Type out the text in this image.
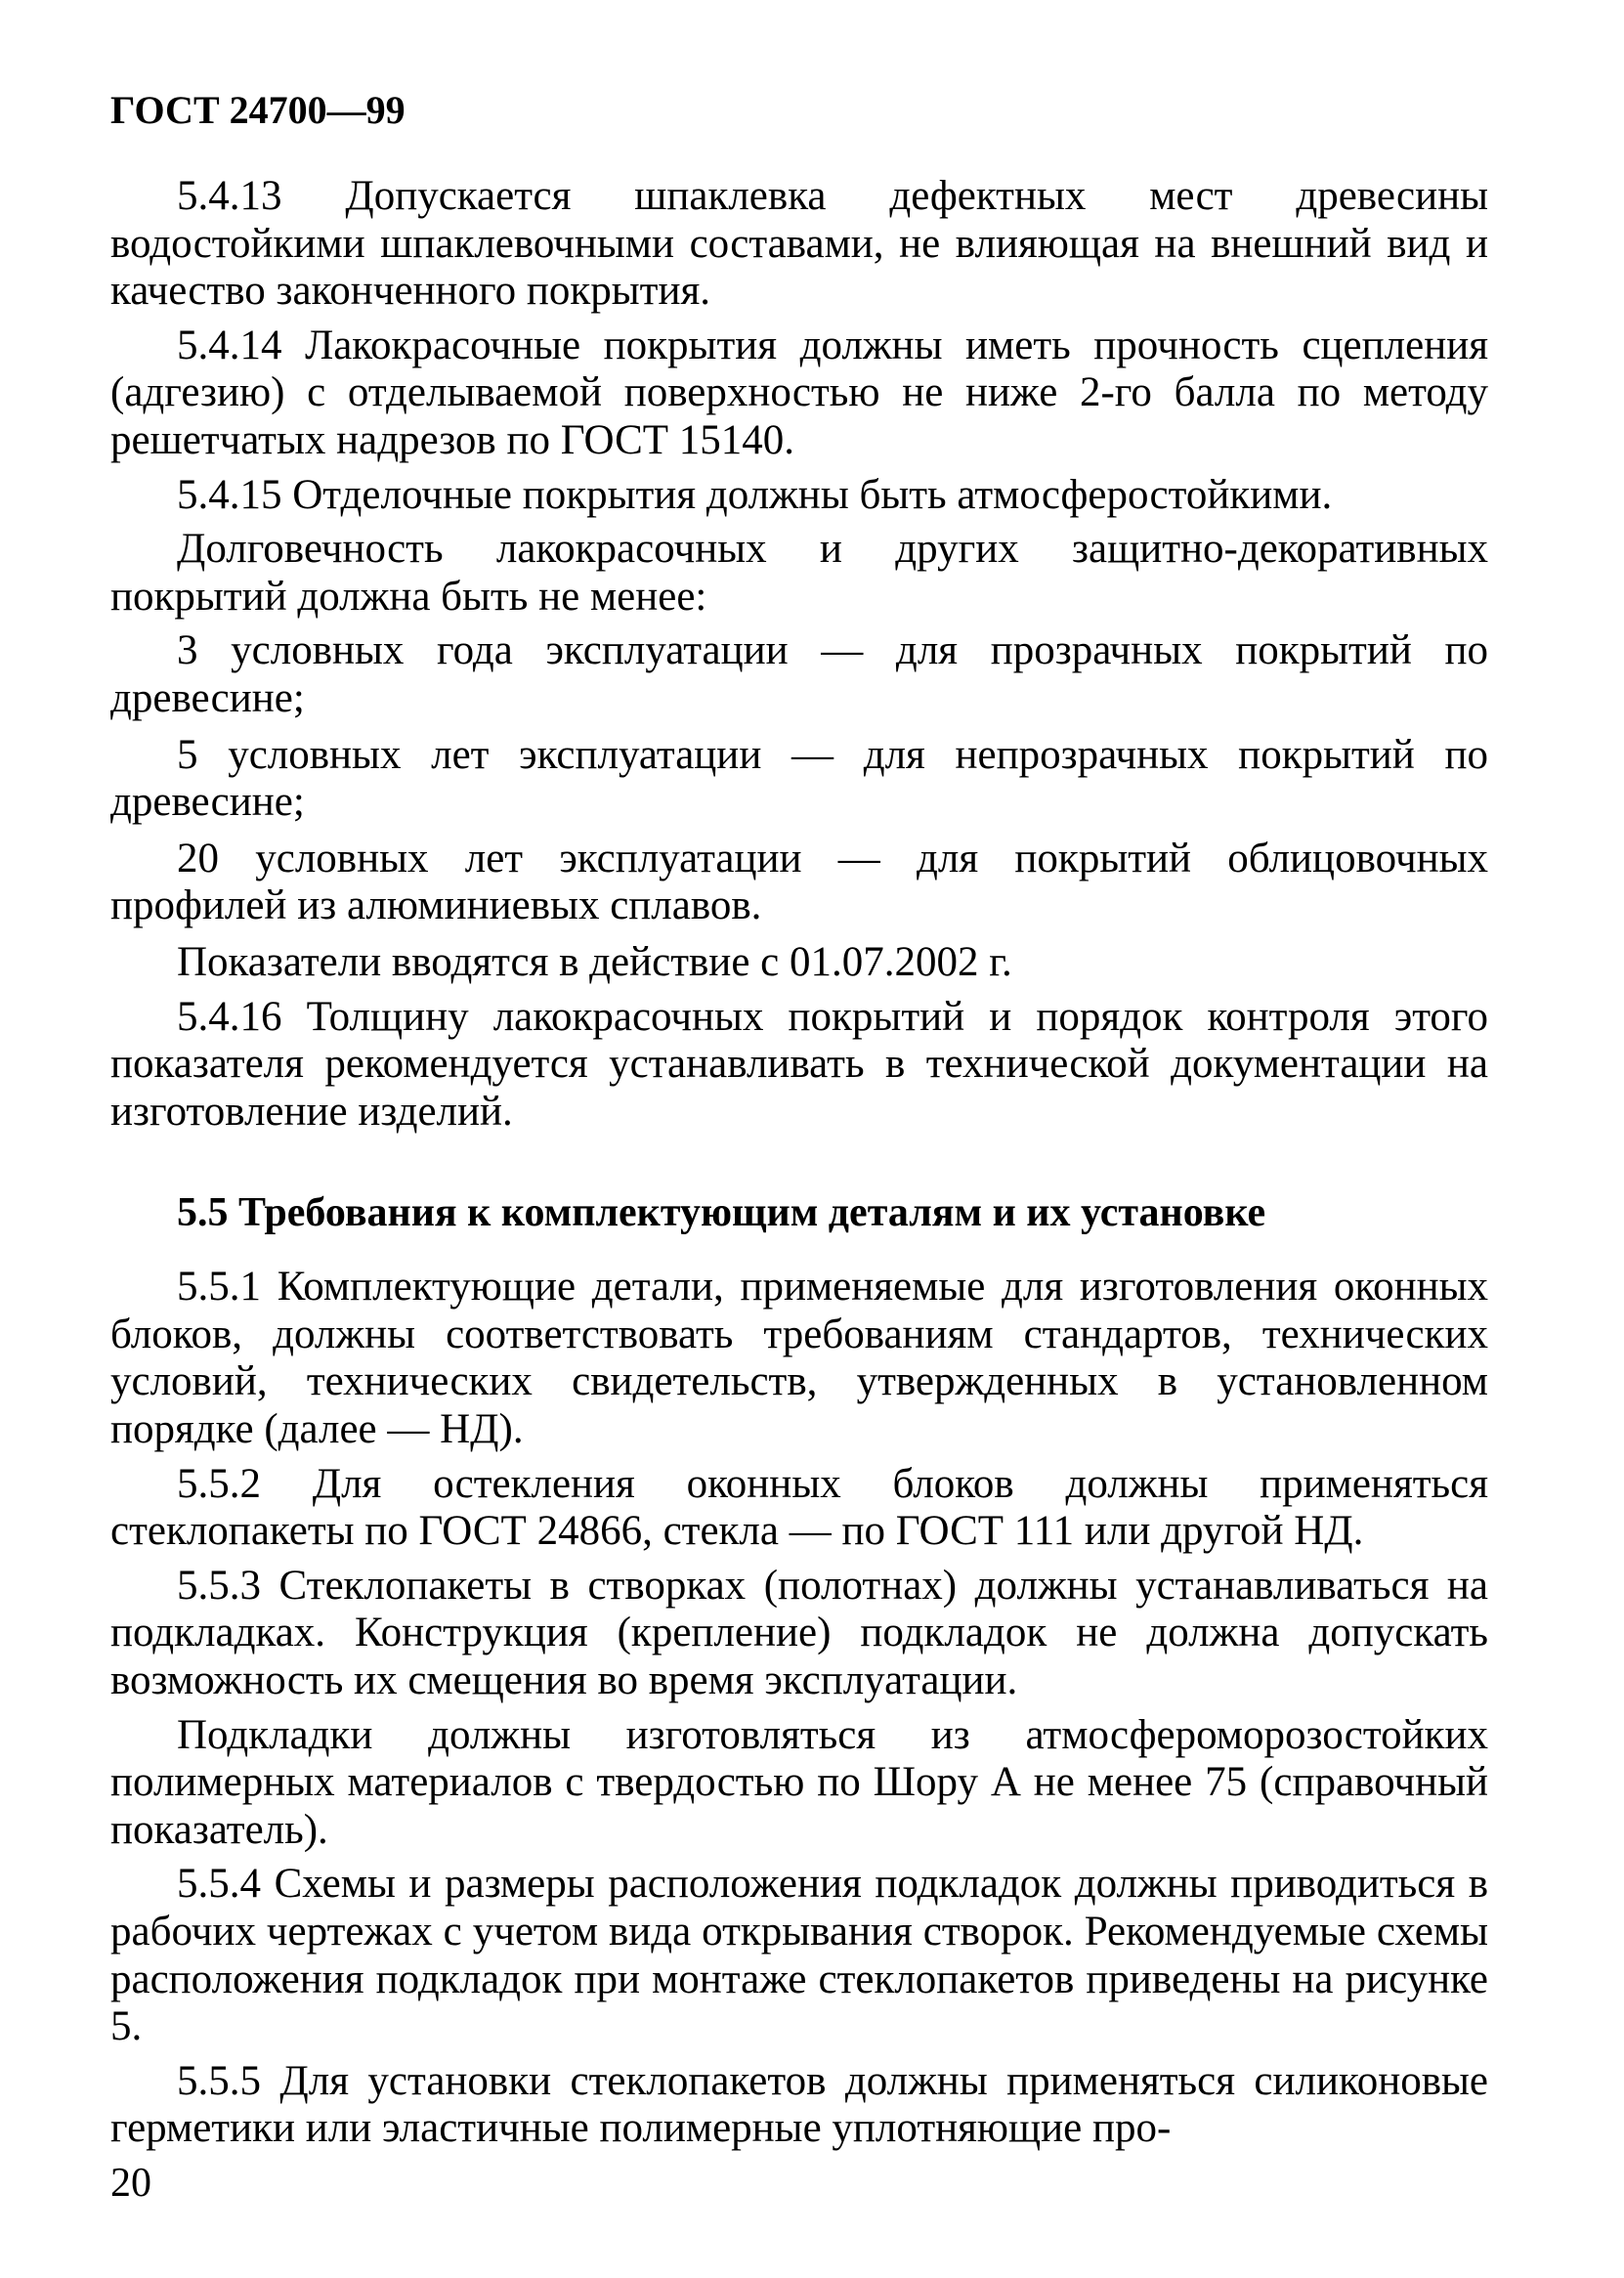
ГОСТ 24700—99

5.4.13 Допускается шпаклевка дефектных мест древесины водостойкими шпаклевочными составами, не влияющая на внешний вид и качество законченного покрытия.

5.4.14 Лакокрасочные покрытия должны иметь прочность сцепления (адгезию) с отделываемой поверхностью не ниже 2-го балла по методу решетчатых надрезов по ГОСТ 15140.

5.4.15 Отделочные покрытия должны быть атмосферостойкими.

Долговечность лакокрасочных и других защитно-декоративных покрытий должна быть не менее:

3 условных года эксплуатации — для прозрачных покрытий по древесине;

5 условных лет эксплуатации — для непрозрачных покрытий по древесине;

20 условных лет эксплуатации — для покрытий облицовочных профилей из алюминиевых сплавов.

Показатели вводятся в действие с 01.07.2002 г.

5.4.16 Толщину лакокрасочных покрытий и порядок контроля этого показателя рекомендуется устанавливать в технической документации на изготовление изделий.

5.5 Требования к комплектующим деталям и их установке

5.5.1 Комплектующие детали, применяемые для изготовления оконных блоков, должны соответствовать требованиям стандартов, технических условий, технических свидетельств, утвержденных в установленном порядке (далее — НД).

5.5.2 Для остекления оконных блоков должны применяться стеклопакеты по ГОСТ 24866, стекла — по ГОСТ 111 или другой НД.

5.5.3 Стеклопакеты в створках (полотнах) должны устанавливаться на подкладках. Конструкция (крепление) подкладок не должна допускать возможность их смещения во время эксплуатации.

Подкладки должны изготовляться из атмосфероморозостойких полимерных материалов с твердостью по Шору А не менее 75 (справочный показатель).

5.5.4 Схемы и размеры расположения подкладок должны приводиться в рабочих чертежах с учетом вида открывания створок. Рекомендуемые схемы расположения подкладок при монтаже стеклопакетов приведены на рисунке 5.

5.5.5 Для установки стеклопакетов должны применяться силиконовые герметики или эластичные полимерные уплотняющие про-

20
